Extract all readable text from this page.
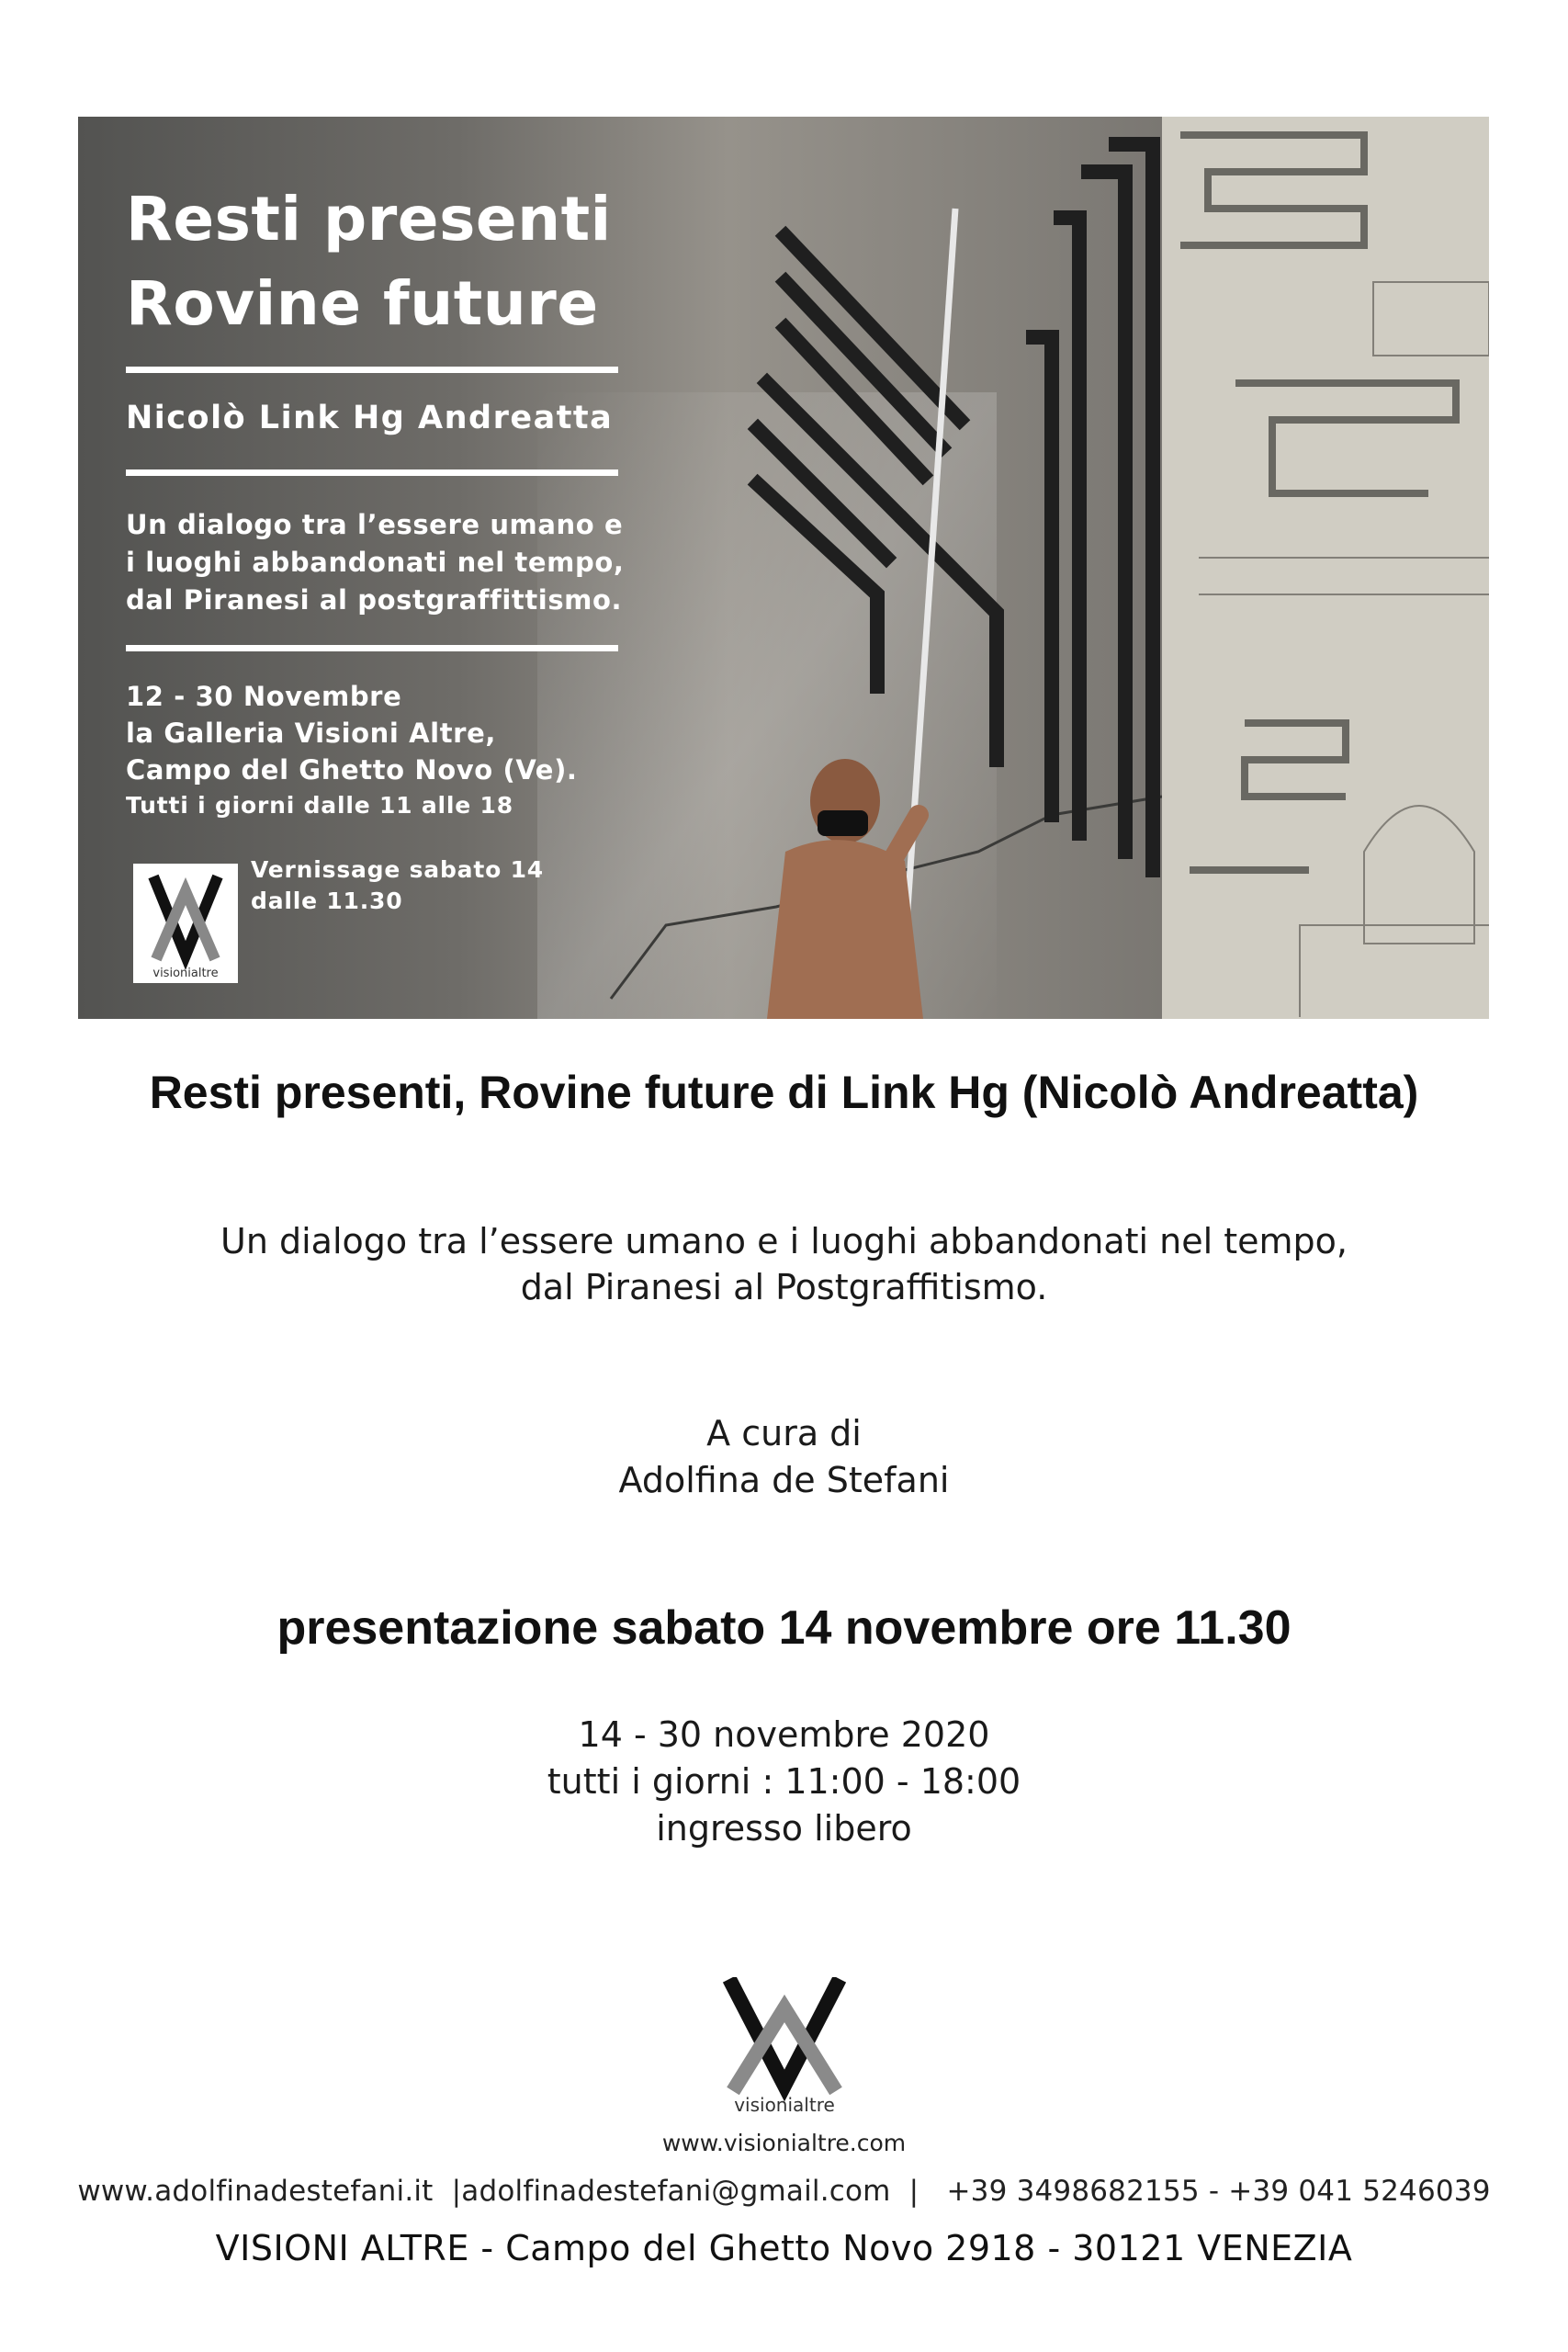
Resti presenti
Rovine future
Nicolò Link Hg Andreatta
Un dialogo tra l’essere umano e
i luoghi abbandonati nel tempo,
dal Piranesi al postgraffittismo.
12 - 30 Novembre
la Galleria Visioni Altre,
Campo del Ghetto Novo (Ve).
Tutti i giorni dalle 11 alle 18
visionialtre
Vernissage sabato 14
dalle 11.30
Resti presenti, Rovine future di Link Hg (Nicolò Andreatta)
Un dialogo tra l’essere umano e i luoghi abbandonati nel tempo,
dal Piranesi al Postgraffitismo.
A cura di
Adolfina de Stefani
presentazione sabato 14 novembre ore 11.30
14 - 30 novembre 2020
tutti i giorni : 11:00 - 18:00
ingresso libero
visionialtre
www.visionialtre.com
www.adolfinadestefani.it  |adolfinadestefani@gmail.com  |   +39 3498682155 - +39 041 5246039
VISIONI ALTRE - Campo del Ghetto Novo 2918 - 30121 VENEZIA
